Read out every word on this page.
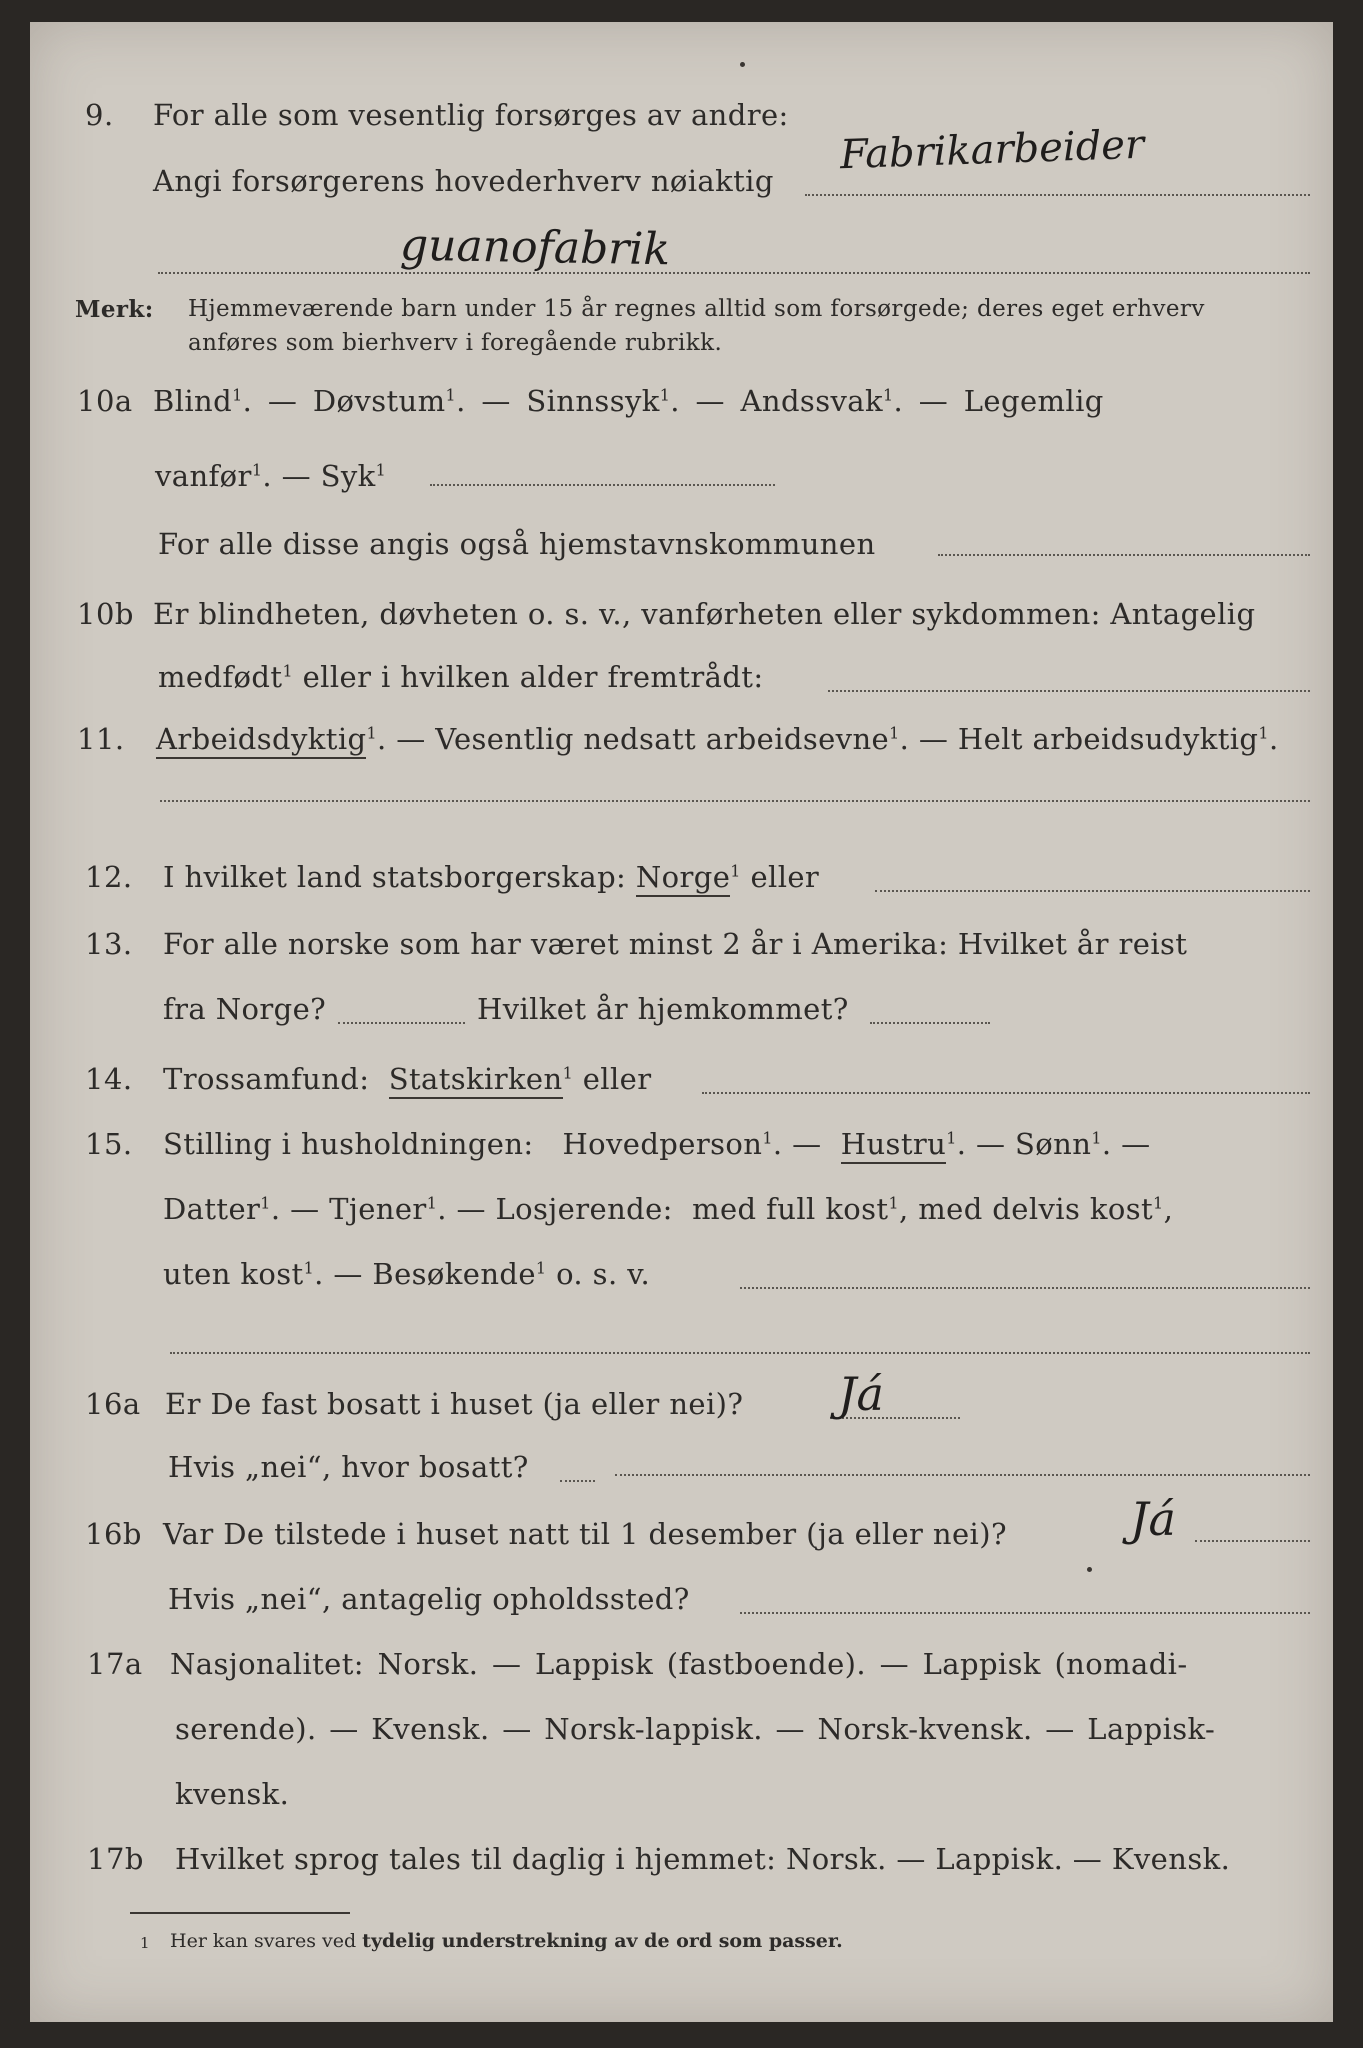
9. For alle som vesentlig forsørges av andre:
Angi forsørgerens hovederhverv nøiaktig
Fabrikarbeider
guanofabrik
Merk: Hjemmeværende barn under 15 år regnes alltid som forsørgede; deres eget erhverv
anføres som bierhverv i foregående rubrikk.
10a Blind$^1$. — Døvstum$^1$. — Sinnssyk$^1$. — Andssvak$^1$. — Legemlig
vanfør$^1$. — Syk$^1$
For alle disse angis også hjemstavnskommunen
10b Er blindheten, døvheten o. s. v., vanførheten eller sykdommen: Antagelig
medfødt$^1$ eller i hvilken alder fremtrådt:
11. Arbeidsdyktig$^1$. — Vesentlig nedsatt arbeidsevne$^1$. — Helt arbeidsudyktig$^1$.
12. I hvilket land statsborgerskap: Norge$^1$ eller
13. For alle norske som har været minst 2 år i Amerika: Hvilket år reist
fra Norge?	Hvilket år hjemkommet?
14. Trossamfund: Statskirken$^1$ eller
15. Stilling i husholdningen: Hovedperson$^1$. — Hustru$^1$. — Sønn$^1$. —
Datter$^1$. — Tjener$^1$. — Losjerende: med full kost$^1$, med delvis kost$^1$,
uten kost$^1$. — Besøkende$^1$ o. s. v.
16a Er De fast bosatt i huset (ja eller nei)? Já
Hvis „nei“, hvor bosatt?
16b Var De tilstede i huset natt til 1 desember (ja eller nei)?	Já
Hvis „nei“, antagelig opholdssted?
17a Nasjonalitet: Norsk. — Lappisk (fastboende). — Lappisk (nomadi-
serende). — Kvensk. — Norsk-lappisk. — Norsk-kvensk. — Lappisk-
kvensk.
17b Hvilket sprog tales til daglig i hjemmet: Norsk. — Lappisk. — Kvensk.
1 Her kan svares ved tydelig understrekning av de ord som passer.
